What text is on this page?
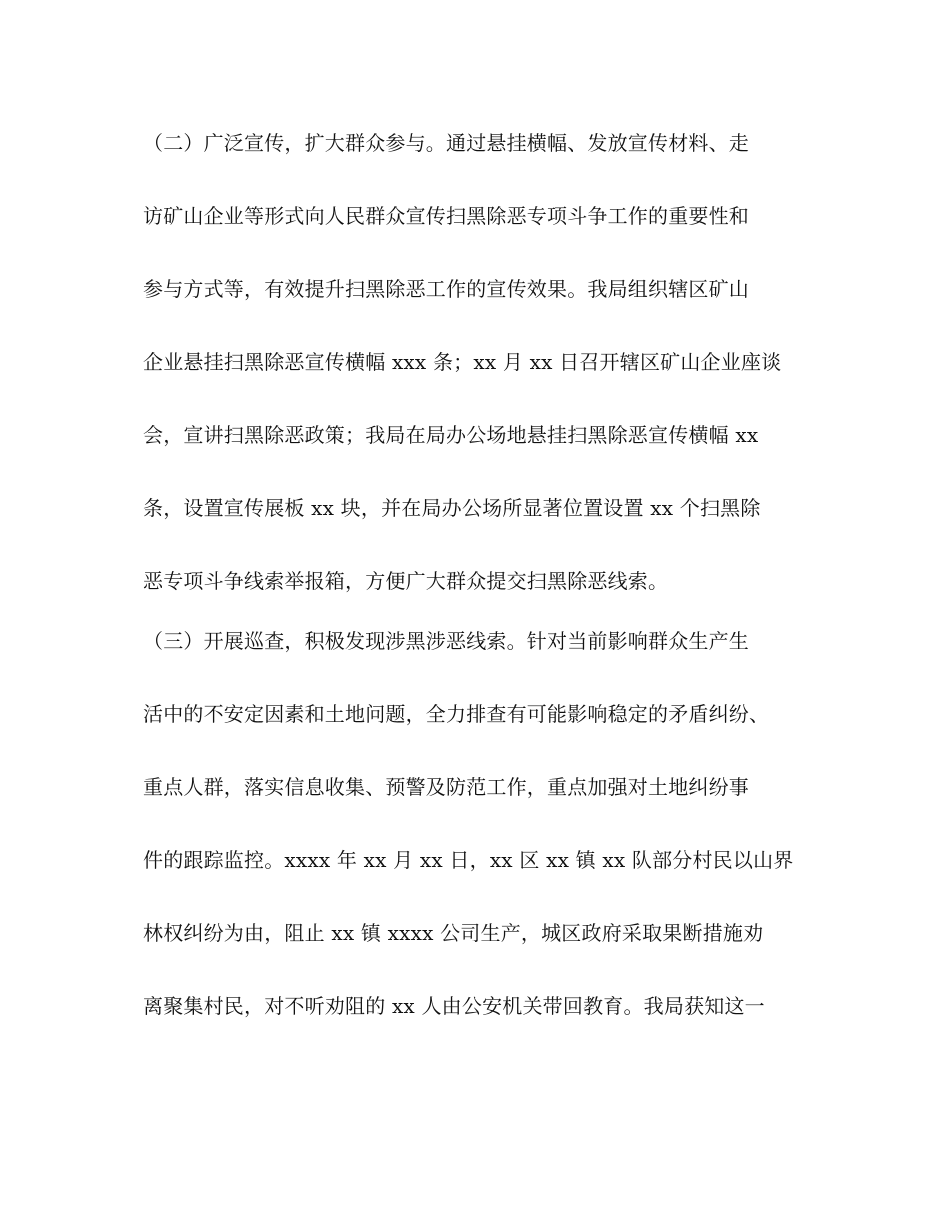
（二）广泛宣传，扩大群众参与。通过悬挂横幅、发放宣传材料、走
访矿山企业等形式向人民群众宣传扫黑除恶专项斗争工作的重要性和
参与方式等，有效提升扫黑除恶工作的宣传效果。我局组织辖区矿山
企业悬挂扫黑除恶宣传横幅 xxx 条；xx 月 xx 日召开辖区矿山企业座谈
会，宣讲扫黑除恶政策；我局在局办公场地悬挂扫黑除恶宣传横幅 xx
条，设置宣传展板 xx 块，并在局办公场所显著位置设置 xx 个扫黑除
恶专项斗争线索举报箱，方便广大群众提交扫黑除恶线索。
（三）开展巡查，积极发现涉黑涉恶线索。针对当前影响群众生产生
活中的不安定因素和土地问题，全力排查有可能影响稳定的矛盾纠纷、
重点人群，落实信息收集、预警及防范工作，重点加强对土地纠纷事
件的跟踪监控。xxxx 年 xx 月 xx 日，xx 区 xx 镇 xx 队部分村民以山界
林权纠纷为由，阻止 xx 镇 xxxx 公司生产，城区政府采取果断措施劝
离聚集村民，对不听劝阻的 xx 人由公安机关带回教育。我局获知这一
